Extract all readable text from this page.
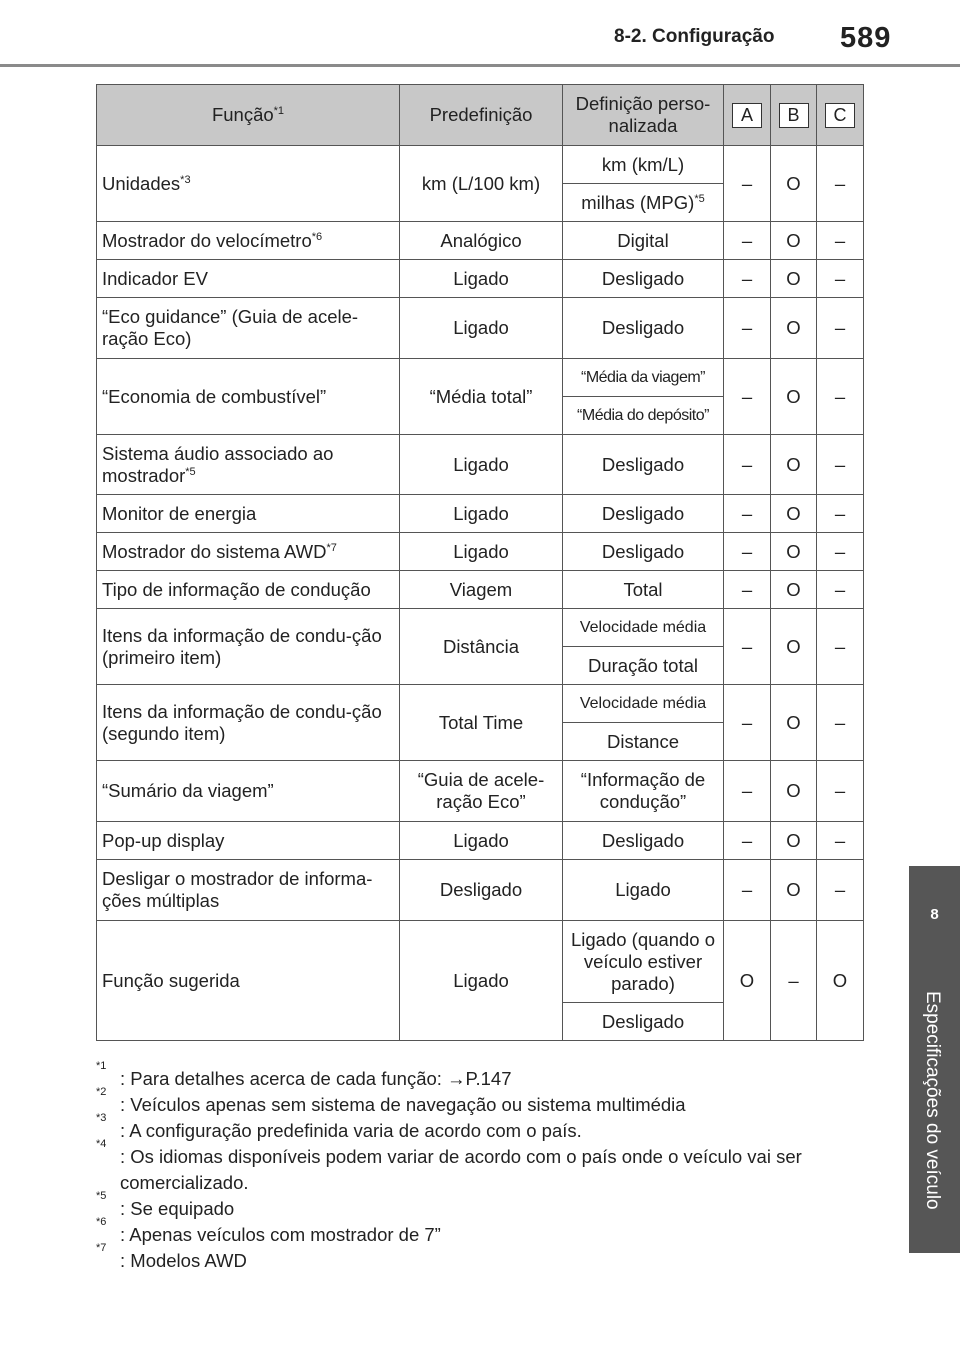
8-2. Configuração 589
8
Especificações do veículo
Função$^{*1}$	Predefinição	Definição perso-nalizada	A	B	C
Unidades$^{*3}$	km (L/100 km)	km (km/L)	–	O	–
		milhas (MPG)$^{*5}$
Mostrador do velocímetro$^{*6}$	Analógico	Digital	–	O	–
Indicador EV	Ligado	Desligado	–	O	–
“Eco guidance” (Guia de acele-ração Eco)	Ligado	Desligado	–	O	–
“Economia de combustível”	“Média total”	“Média da viagem”	–	O	–
		“Média do depósito”			
Sistema áudio associado ao mostrador$^{*5}$	Ligado	Desligado	–	O	–
Monitor de energia	Ligado	Desligado	–	O	–
Mostrador do sistema AWD$^{*7}$	Ligado	Desligado	–	O	–
Tipo de informação de condução	Viagem	Total	–	O	–
Itens da informação de condu-ção (primeiro item)	Distância	Velocidade média	–	O	–
		Duração total			
Itens da informação de condu-ção (segundo item)	Total Time	Velocidade média	–	O	–
		Distance			
“Sumário da viagem”	“Guia de acele-ração Eco”	“Informação de condução”	–	O	–
Pop-up display	Ligado	Desligado	–	O	–
Desligar o mostrador de informa-ções múltiplas	Desligado	Ligado	–	O	–
Função sugerida	Ligado	Ligado (quando o veículo estiver parado)	O	–	O
		Desligado			
*1
: Para detalhes acerca de cada função: →P.147
*2
: Veículos apenas sem sistema de navegação ou sistema multimédia
*3
: A configuração predefinida varia de acordo com o país.
*4
: Os idiomas disponíveis podem variar de acordo com o país onde o veículo vai ser comercializado.
*5
: Se equipado
*6
: Apenas veículos com mostrador de 7”
*7
: Modelos AWD
